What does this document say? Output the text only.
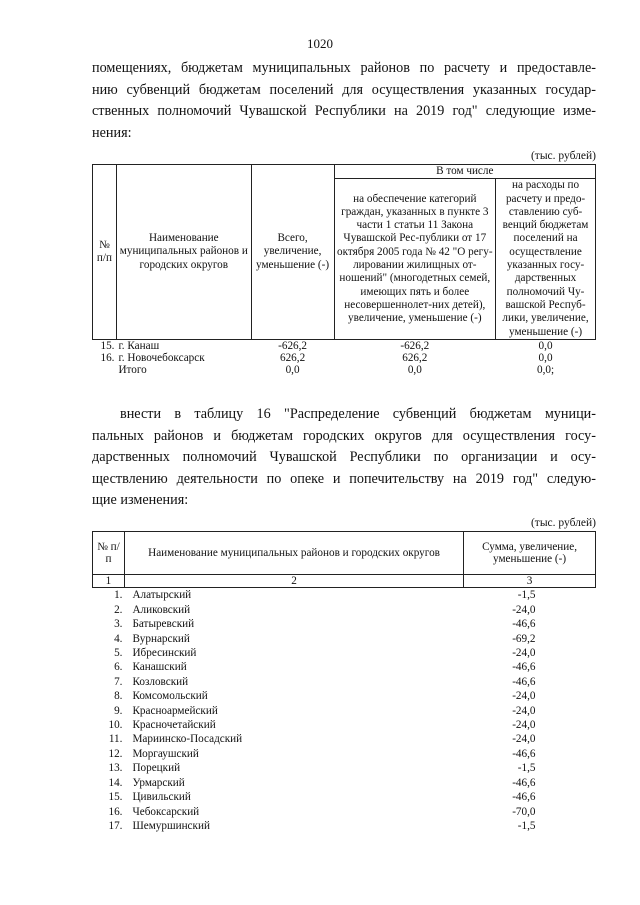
1020
помещениях, бюджетам муниципальных районов по расчету и предоставле-
нию субвенций бюджетам поселений для осуществления указанных государ-
ственных полномочий Чувашской Республики на 2019 год" следующие изме-
нения:
(тыс. рублей)
№ п/п	Наименование муниципальных районов и городских округов	Всего, увеличение, уменьшение (-)	В том числе	
			на обеспечение категорий граждан, указанных в пункте 3 части 1 статьи 11 Закона Чувашской Рес-публики от 17 октября 2005 года № 42 "О регу-лировании жилищных от-ношений" (многодетных семей, имеющих пять и более несовершеннолет-них детей), увеличение, уменьшение (-)	на расходы по расчету и предо-ставлению суб-венций бюджетам поселений на осуществление указанных госу-дарственных полномочий Чу-вашской Респуб-лики, увеличение, уменьшение (-)
15.	г. Канаш	-626,2	-626,2	0,0
16.	г. Новочебоксарск	626,2	626,2	0,0
	Итого	0,0	0,0	0,0;
внести в таблицу 16 "Распределение субвенций бюджетам муници-
пальных районов и бюджетам городских округов для осуществления госу-
дарственных полномочий Чувашской Республики по организации и осу-
ществлению деятельности по опеке и попечительству на 2019 год" следую-
щие изменения:
(тыс. рублей)
№ п/п	Наименование муниципальных районов и городских округов	Сумма, увеличение, уменьшение (-)
1	2	3
1.	Алатырский	-1,5
2.	Аликовский	-24,0
3.	Батыревский	-46,6
4.	Вурнарский	-69,2
5.	Ибресинский	-24,0
6.	Канашский	-46,6
7.	Козловский	-46,6
8.	Комсомольский	-24,0
9.	Красноармейский	-24,0
10.	Красночетайский	-24,0
11.	Мариинско-Посадский	-24,0
12.	Моргаушский	-46,6
13.	Порецкий	-1,5
14.	Урмарский	-46,6
15.	Цивильский	-46,6
16.	Чебоксарский	-70,0
17.	Шемуршинский	-1,5
